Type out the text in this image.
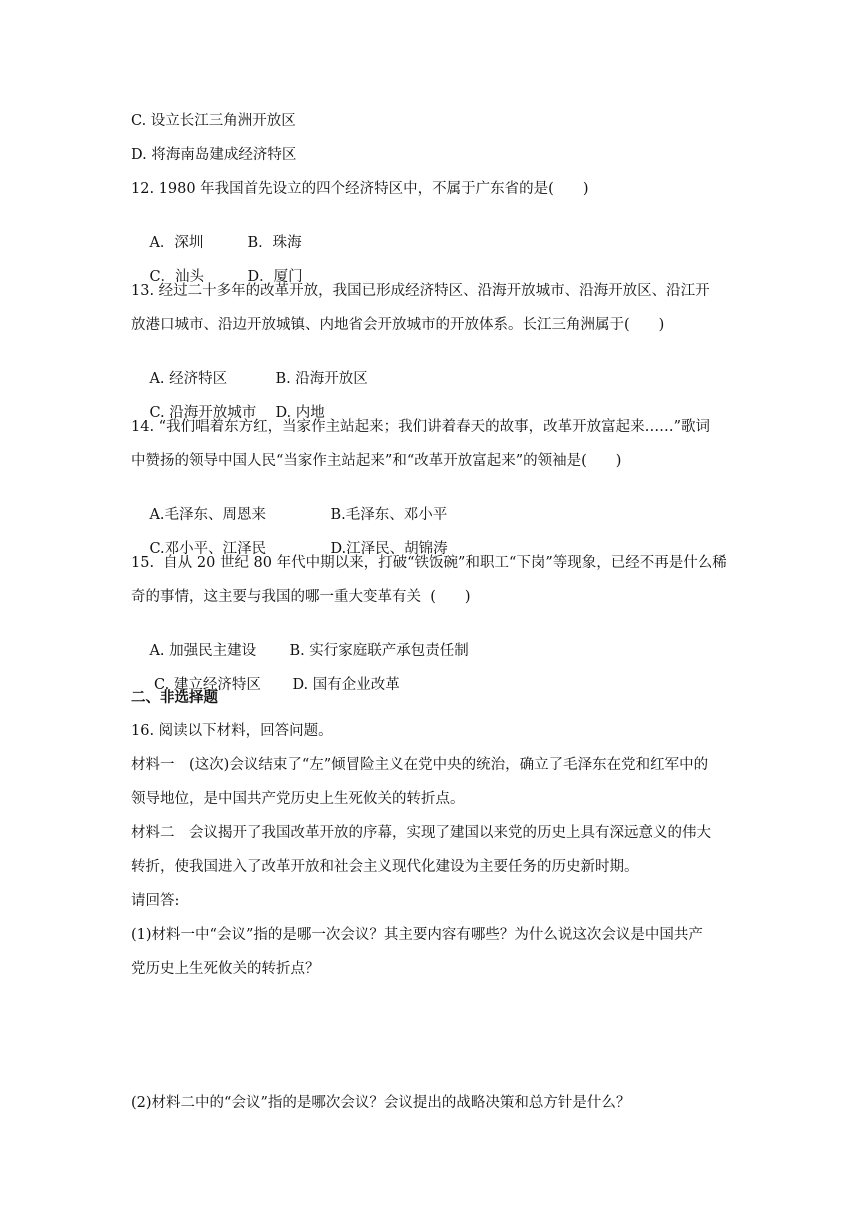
C. 设立长江三角洲开放区
D. 将海南岛建成经济特区
12. 1980 年我国首先设立的四个经济特区中，不属于广东省的是(　　)

A．深圳	B．珠海

C．汕头	D．厦门

13. 经过二十多年的改革开放，我国已形成经济特区、沿海开放城市、沿海开放区、沿江开
放港口城市、沿边开放城镇、内地省会开放城市的开放体系。长江三角洲属于(　　)

A. 经济特区	B. 沿海开放区

C. 沿海开放城市 D. 内地

14. “我们唱着东方红，当家作主站起来；我们讲着春天的故事，改革开放富起来……”歌词
中赞扬的领导中国人民“当家作主站起来”和“改革开放富起来”的领袖是(　　)

A.毛泽东、周恩来	B.毛泽东、邓小平

C.邓小平、江泽民	D.江泽民、胡锦涛

15.  自从 20 世纪 80 年代中期以来，打破“铁饭碗”和职工“下岗”等现象，已经不再是什么稀
奇的事情，这主要与我国的哪一重大变革有关  (　　)

A. 加强民主建设 B. 实行家庭联产承包责任制

C. 建立经济特区 D. 国有企业改革

二、非选择题
16. 阅读以下材料，回答问题。
材料一　(这次)会议结束了“左”倾冒险主义在党中央的统治，确立了毛泽东在党和红军中的
领导地位，是中国共产党历史上生死攸关的转折点。
材料二　会议揭开了我国改革开放的序幕，实现了建国以来党的历史上具有深远意义的伟大
转折，使我国进入了改革开放和社会主义现代化建设为主要任务的历史新时期。
请回答:
(1)材料一中“会议”指的是哪一次会议？其主要内容有哪些？为什么说这次会议是中国共产
党历史上生死攸关的转折点？
(2)材料二中的“会议”指的是哪次会议？会议提出的战略决策和总方针是什么？
